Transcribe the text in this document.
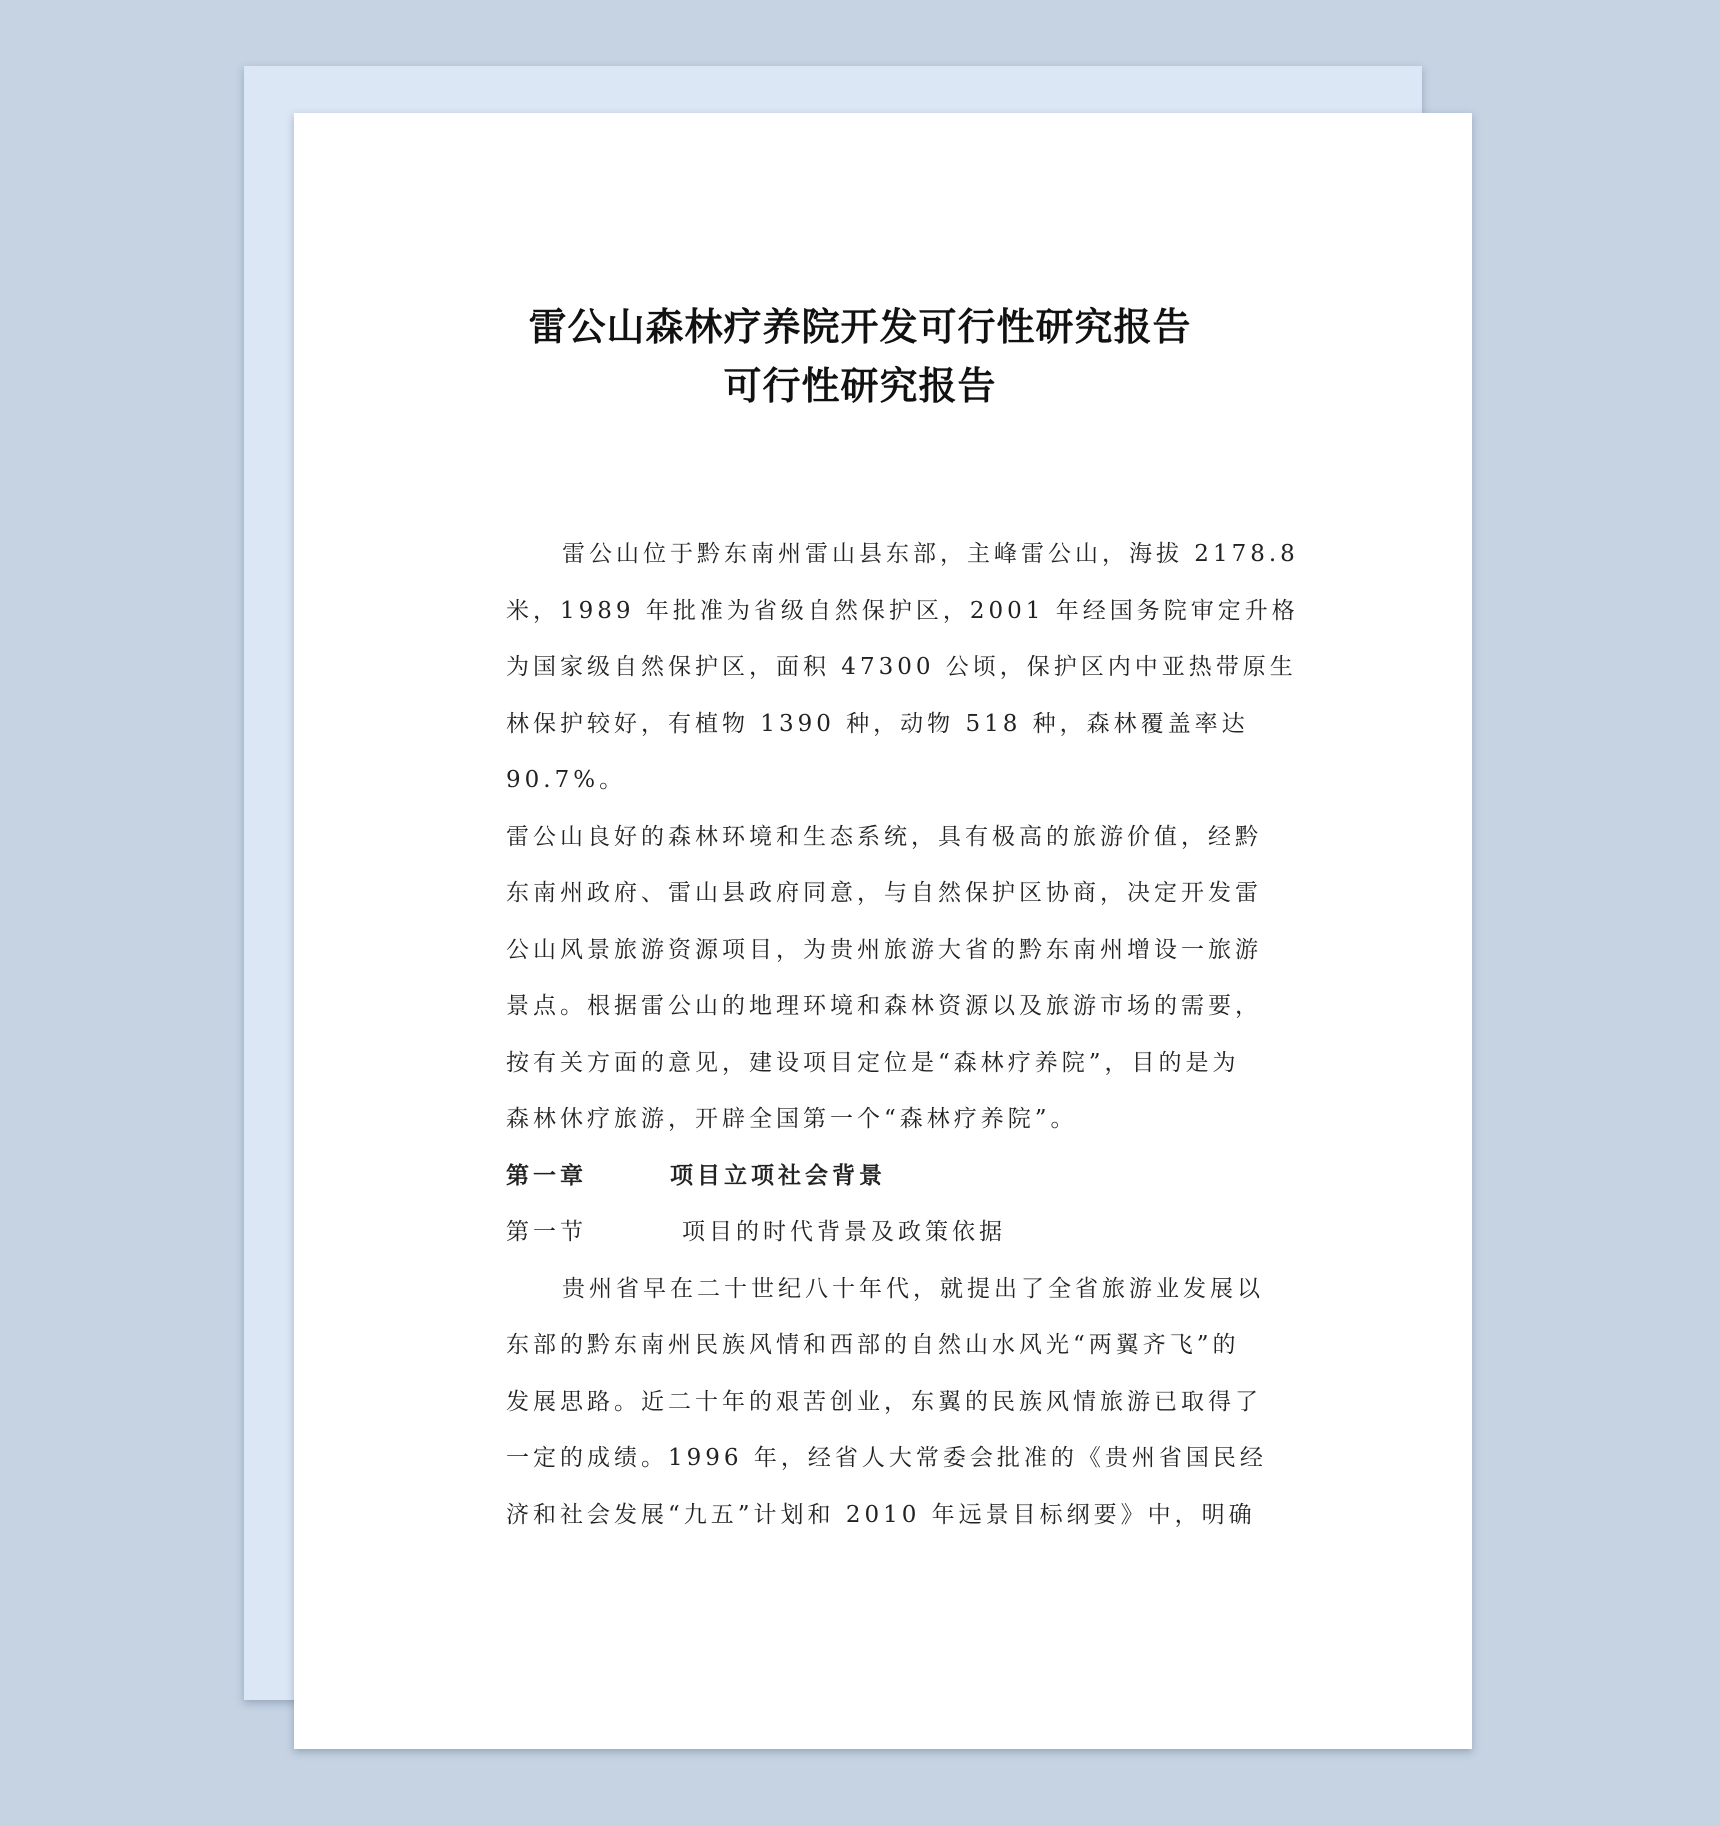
雷公山森林疗养院开发可行性研究报告
可行性研究报告
雷公山位于黔东南州雷山县东部，主峰雷公山，海拔 2178.8
米，1989 年批准为省级自然保护区，2001 年经国务院审定升格
为国家级自然保护区，面积 47300 公顷，保护区内中亚热带原生
林保护较好，有植物 1390 种，动物 518 种，森林覆盖率达
90.7%。
雷公山良好的森林环境和生态系统，具有极高的旅游价值，经黔
东南州政府、雷山县政府同意，与自然保护区协商，决定开发雷
公山风景旅游资源项目，为贵州旅游大省的黔东南州增设一旅游
景点。根据雷公山的地理环境和森林资源以及旅游市场的需要，
按有关方面的意见，建设项目定位是“森林疗养院”，目的是为
森林休疗旅游，开辟全国第一个“森林疗养院”。
第一章	项目立项社会背景
第一节	项目的时代背景及政策依据
贵州省早在二十世纪八十年代，就提出了全省旅游业发展以
东部的黔东南州民族风情和西部的自然山水风光“两翼齐飞”的
发展思路。近二十年的艰苦创业，东翼的民族风情旅游已取得了
一定的成绩。1996 年，经省人大常委会批准的《贵州省国民经
济和社会发展“九五”计划和 2010 年远景目标纲要》中，明确
